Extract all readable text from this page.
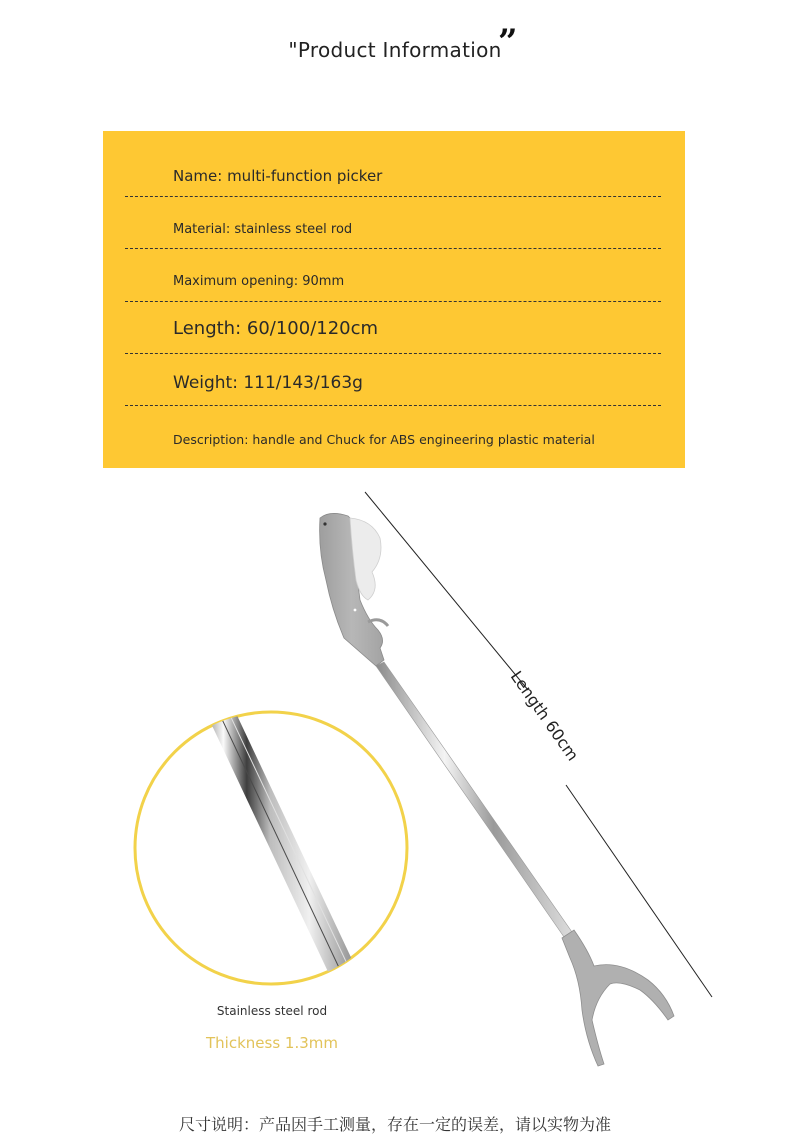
"Product Information
”
Name: multi-function picker
Material: stainless steel rod
Maximum opening: 90mm
Length: 60/100/120cm
Weight: 111/143/163g
Description: handle and Chuck for ABS engineering plastic material
Length 60cm
Stainless steel rod
Thickness 1.3mm
尺寸说明：产品因手工测量，存在一定的误差，请以实物为准
